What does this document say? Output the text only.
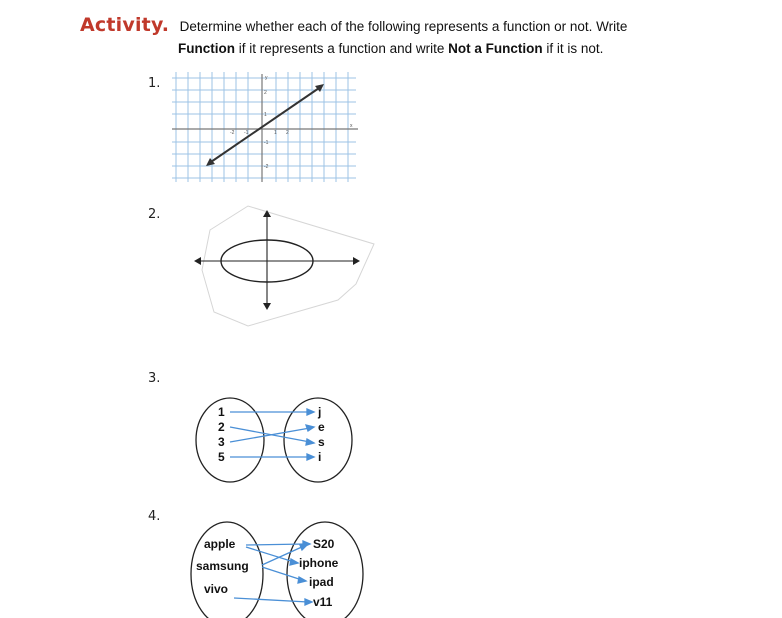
Activity. Determine whether each of the following represents a function or not. Write
Function if it represents a function and write Not a Function if it is not.
1.
2.
3.
4.
-2 -1	1 2
2
1
-1
-2
x
y
1
2
3
5
j
e
s
i
apple
samsung
vivo
S20
iphone
ipad
v11
